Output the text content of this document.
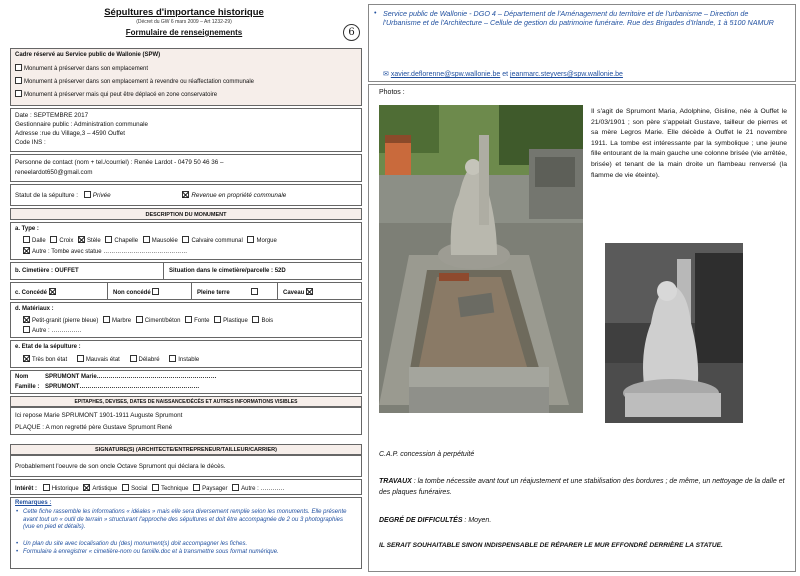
Sépultures d'importance historique
(Décret du GW 6 mars 2009 – Art 1232-29)
Formulaire de renseignements	6
Cadre réservé au Service public de Wallonie (SPW)
Monument à préserver dans son emplacement
Monument à préserver dans son emplacement à revendre ou réaffectation communale
Monument à préserver mais qui peut être déplacé en zone conservatoire
Date : SEPTEMBRE 2017
Gestionnaire public : Administration communale
Adresse :rue du Village,3 – 4590 Ouffet
Code INS :
Personne de contact (nom + tel./courriel) : Renée Lardot - 0479 50 46 36 –
reneelardot650@gmail.com
Statut de la sépulture : Privée	Revenue en propriété communale
DESCRIPTION DU MONUMENT
a. Type :
Dalle Croix Stèle Chapelle Mausolée Calvaire communal Morgue
Autre : Tombe avec statue ……………………………………
b. Cimetière : OUFFET	Situation dans le cimetière/parcelle : 52D
c. Concédé	Non concédé	Pleine terre	Caveau
d. Matériaux :
Petit-granit (pierre bleue) Marbre Ciment/béton Fonte Plastique Bois
Autre : ……………
e. Etat de la sépulture :
Très bon état	Mauvais état	Délabré	Instable
Nom	SPRUMONT Marie……………………………………………………
Famille : SPRUMONT……………………………………………………
EPITAPHES, DEVISES, DATES DE NAISSANCE/DÉCÈS ET AUTRES INFORMATIONS VISIBLES
Ici repose Marie SPRUMONT 1901-1911 Auguste Sprumont
PLAQUE : A mon regretté père Gustave Sprumont René
SIGNATURE(S) (ARCHITECTE/ENTREPRENEUR/TAILLEUR/CARRIER)
Probablement l'oeuvre de son oncle Octave Sprumont qui déclara le décès.
Intérêt : Historique Artistique Social Technique Paysager Autre : …………
Remarques :
• Cette fiche rassemble les informations « idéales » mais elle sera diversement remplie selon les monuments. Elle présente avant tout un « outil de terrain » structurant l'approche des sépultures et doit être accompagnée de 2 ou 3 photographies (vue en pied et détails).
• Un plan du site avec localisation du (des) monument(s) doit accompagner les fiches.
• Formulaire à enregistrer « cimetière-nom ou famille.doc et à transmettre sous format numérique.
• Service public de Wallonie - DGO 4 – Département de l'Aménagement du territoire et de l'urbanisme – Direction de l'Urbanisme et de l'Architecture – Cellule de gestion du patrimoine funéraire. Rue des Brigades d'Irlande, 1 à 5100 NAMUR
✉ xavier.deflorenne@spw.wallonie.be et jeanmarc.steyvers@spw.wallonie.be
Photos :
Il s'agit de Sprumont Maria, Adolphine, Gisline, née à Ouffet le 21/03/1901 ; son père s'appelait Gustave, tailleur de pierres et sa mère Legros Marie. Elle décède à Ouffet le 21 novembre 1911. La tombe est intéressante par la symbolique ; une jeune fille entourant de la main gauche une colonne brisée (vie arrêtée, brisée) et tenant de la main droite un flambeau renversé (la flamme de vie éteinte).
C.A.P. concession à perpétuité
TRAVAUX : la tombe nécessite avant tout un réajustement et une stabilisation des bordures ; de même, un nettoyage de la dalle et des plaques funéraires.
DEGRÉ DE DIFFICULTÉS : Moyen.
IL SERAIT SOUHAITABLE SINON INDISPENSABLE DE RÉPARER LE MUR EFFONDRÉ DERRIÈRE LA STATUE.
